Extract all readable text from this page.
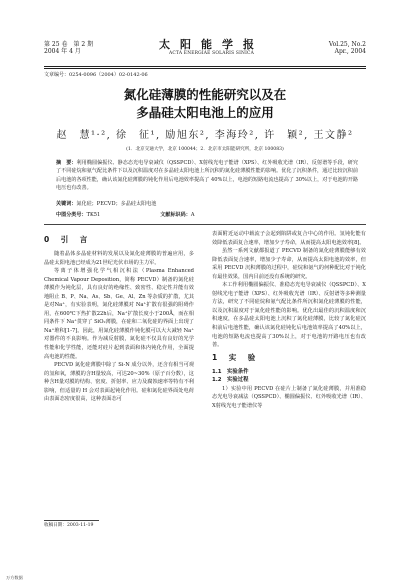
第 25 卷　第 2 期
2004 年 4 月
太阳能学报
ACTA ENERGIAE SOLARIS SINICA
Vol.25, No.2
Apr., 2004
文章编号：0254-0096（2004）02-0142-06
氮化硅薄膜的性能研究以及在
多晶硅太阳电池上的应用
赵　慧¹·², 徐　征¹, 励旭东², 李海玲², 许　颖², 王文静²
(1．北京交通大学，北京 100044；2．北京市太阳能研究所，北京 100083)
摘　要：利用椭圆偏振仪、静态态光电导衰减仪（QSSPCD）、X射线光电子能谱（XPS）、红外吸收光谱（IR）、反射谱等手段，研究了不同硅烷和氨气配比条件下以及沉积温度对在多晶硅太阳电池上所沉积的氮化硅薄膜性能的影响。优化了沉积条件，通过比较沉积前后电池的各项性能，确认该氮化硅薄膜的钝化作用后电池效率提高了 40%以上，电池的短路电流也提高了 30%以上，对于电池的开路电压也有改善。
关键词：氮化硅；PECVD；多晶硅太阳电池
中图分类号：TK51	文献标识码：A
0　引　言

随着晶体多晶硅材料的发展以及氮化硅薄膜的普遍应用，多晶硅太阳电池已经成为21世纪光伏市场的主力军。

等离子体增强化学气相沉积法（Plasma Enhanced Chemical Vapour Deposition，简称 PECVD）制备的氮化硅薄膜作为钝化层，具有良好的绝缘性、致密性、稳定性并能有效地阻止 B、P、Na、As、Sb、Ge、Al、Zn 等杂质的扩散，尤其是对Na⁺，有实验表明，氮化硅薄膜对 Na⁺扩散有很强的阻碍作用，在600℃下热扩散22h后，Na⁺扩散长度小于200Å，而在相同条件下 Na⁺贯穿了 SiO₂薄膜，在硅和二氧化硅的界面上出现了 Na⁺堆积[1-7]。因此，用氮化硅薄膜作钝化膜可以大大减轻 Na⁺对器件的不良影响。作为减反射膜，氮化硅不仅具有良好的光学性能和化学性能，还能对硅片起到表面和体内钝化作用，全面提高电池的性能。

PECVD 氮化硅薄膜中除了 Si-N 成分以外，还含有相当可观的氢和氧，薄膜的含H量较高，可达20~30%（原子百分数），这种含H量对膜的结构、密度、折射率、应力及腐蚀速率等特有不利影响，但适量的 H 会对表面起钝化作用。硅和氮化硅界面处电荷由表面态密度很高，这种表面态可

收稿日期：2003-11-19

表面附近运动中载流子会起到陷阱或复合中心的作用。氢钝化能有效降低表面复合速率，增加少子寿命，从而提高太阳电池效率[8]。

虽然一系列文献都报道了 PECVD 制备的氮化硅薄膜能够有效降低表面复合速率，增加少子寿命，从而提高太阳电池的效率，但采用 PECVD 沉积薄膜的过程中，硅烷和氨气的何种配比对于钝化有最佳效果，国内目前还没有系统的研究。

本工作利用椭圆偏振仪、准稳态光电导衰减仪（QSSPCD）、X射线光电子能谱（XPS）、红外吸收光谱（IR）、反射谱等多种测量方法，研究了不同硅烷和氨气配比条件所沉积氮化硅薄膜的性能，以及沉积温度对于氮化硅性能的影响。优化出最佳的沉积温度和沉积速度，在多晶硅太阳电池上沉积了氮化硅薄膜，比较了氮化硅沉积前后电池性能，确认该氮化硅钝化后电池效率提高了40%以上，电池的短路电流也提高了30%以上，对于电池的开路电压也有改善。

1　实　验
1.1　实验条件
1.2　实验过程

1）实验中用 PECVD 在硅片上制备了氮化硅薄膜，并用准稳态光电导衰减法（QSSPCD）、椭圆偏振仪、红外吸收光谱（IR）、X射线光电子能谱仪等

万方数据
